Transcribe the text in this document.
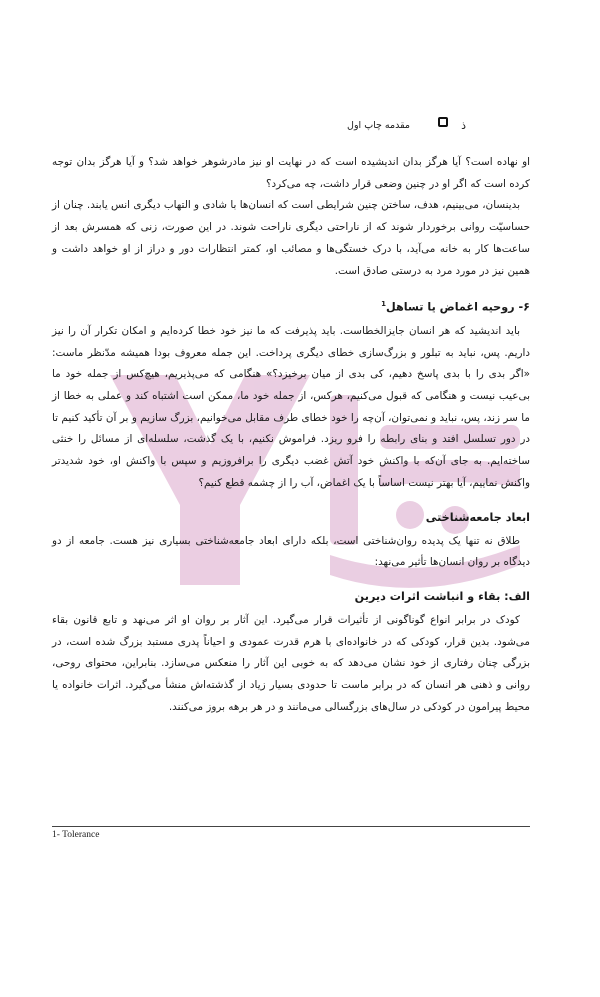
مقدمه چاپ اول	ذ

او نهاده است؟ آیا هرگز بدان اندیشیده است که در نهایت او نیز مادرشوهر خواهد شد؟ و آیا هرگز بدان توجه کرده است که اگر او در چنین وضعی قرار داشت، چه می‌کرد؟

بدینسان، می‌بینیم، هدف، ساختن چنین شرایطی است که انسان‌ها با شادی و التهاب دیگری انس یابند. چنان از حساسیّت روانی برخوردار شوند که از ناراحتی دیگری ناراحت شوند. در این صورت، زنی که همسرش بعد از ساعت‌ها کار به خانه می‌آید، با درک خستگی‌ها و مصائب او، کمتر انتظارات دور و دراز از او خواهد داشت و همین نیز در مورد مرد به درستی صادق است.

۶- روحیه اغماض یا تساهل$^1$

باید اندیشید که هر انسان جایزالخطاست. باید پذیرفت که ما نیز خود خطا کرده‌ایم و امکان تکرار آن را نیز داریم. پس، نباید به تبلور و بزرگ‌سازی خطای دیگری پرداخت. این جمله معروف بودا همیشه مدّنظر ماست: «اگر بدی را با بدی پاسخ دهیم، کی بدی از میان برخیزد؟» هنگامی که می‌پذیریم، هیچ‌کس از جمله خود ما بی‌عیب نیست و هنگامی که قبول می‌کنیم، هرکس، از جمله خود ما، ممکن است اشتباه کند و عملی به خطا از ما سر زند، پس، نباید و نمی‌توان، آن‌چه را خود خطای طرف مقابل می‌خوانیم، بزرگ سازیم و بر آن تأکید کنیم تا در دور تسلسل افتد و بنای رابطه را فرو ریزد. فراموش نکنیم، با یک گذشت، سلسله‌ای از مسائل را خنثی ساخته‌ایم. به جای آن‌که با واکنش خود آتش غضب دیگری را برافروزیم و سپس با واکنش او، خود شدیدتر واکنش نماییم، آیا بهتر نیست اساساً با یک اغماض، آب را از چشمه قطع کنیم؟

ابعاد جامعه‌شناختی

طلاق نه تنها یک پدیده روان‌شناختی است، بلکه دارای ابعاد جامعه‌شناختی بسیاری نیز هست. جامعه از دو دیدگاه بر روان انسان‌ها تأثیر می‌نهد:

الف: بقاء و انباشت اثرات دیرین

کودک در برابر انواع گوناگونی از تأثیرات قرار می‌گیرد. این آثار بر روان او اثر می‌نهد و تابع قانون بقاء می‌شود. بدین قرار، کودکی که در خانواده‌ای با هرم قدرت عمودی و احیاناً پدری مستبد بزرگ شده است، در بزرگی چنان رفتاری از خود نشان می‌دهد که به خوبی این آثار را منعکس می‌سازد. بنابراین، محتوای روحی، روانی و ذهنی هر انسان که در برابر ماست تا حدودی بسیار زیاد از گذشته‌اش منشأ می‌گیرد. اثرات خانواده یا محیط پیرامون در کودکی در سال‌های بزرگسالی می‌مانند و در هر برهه بروز می‌کنند.

1- Tolerance
